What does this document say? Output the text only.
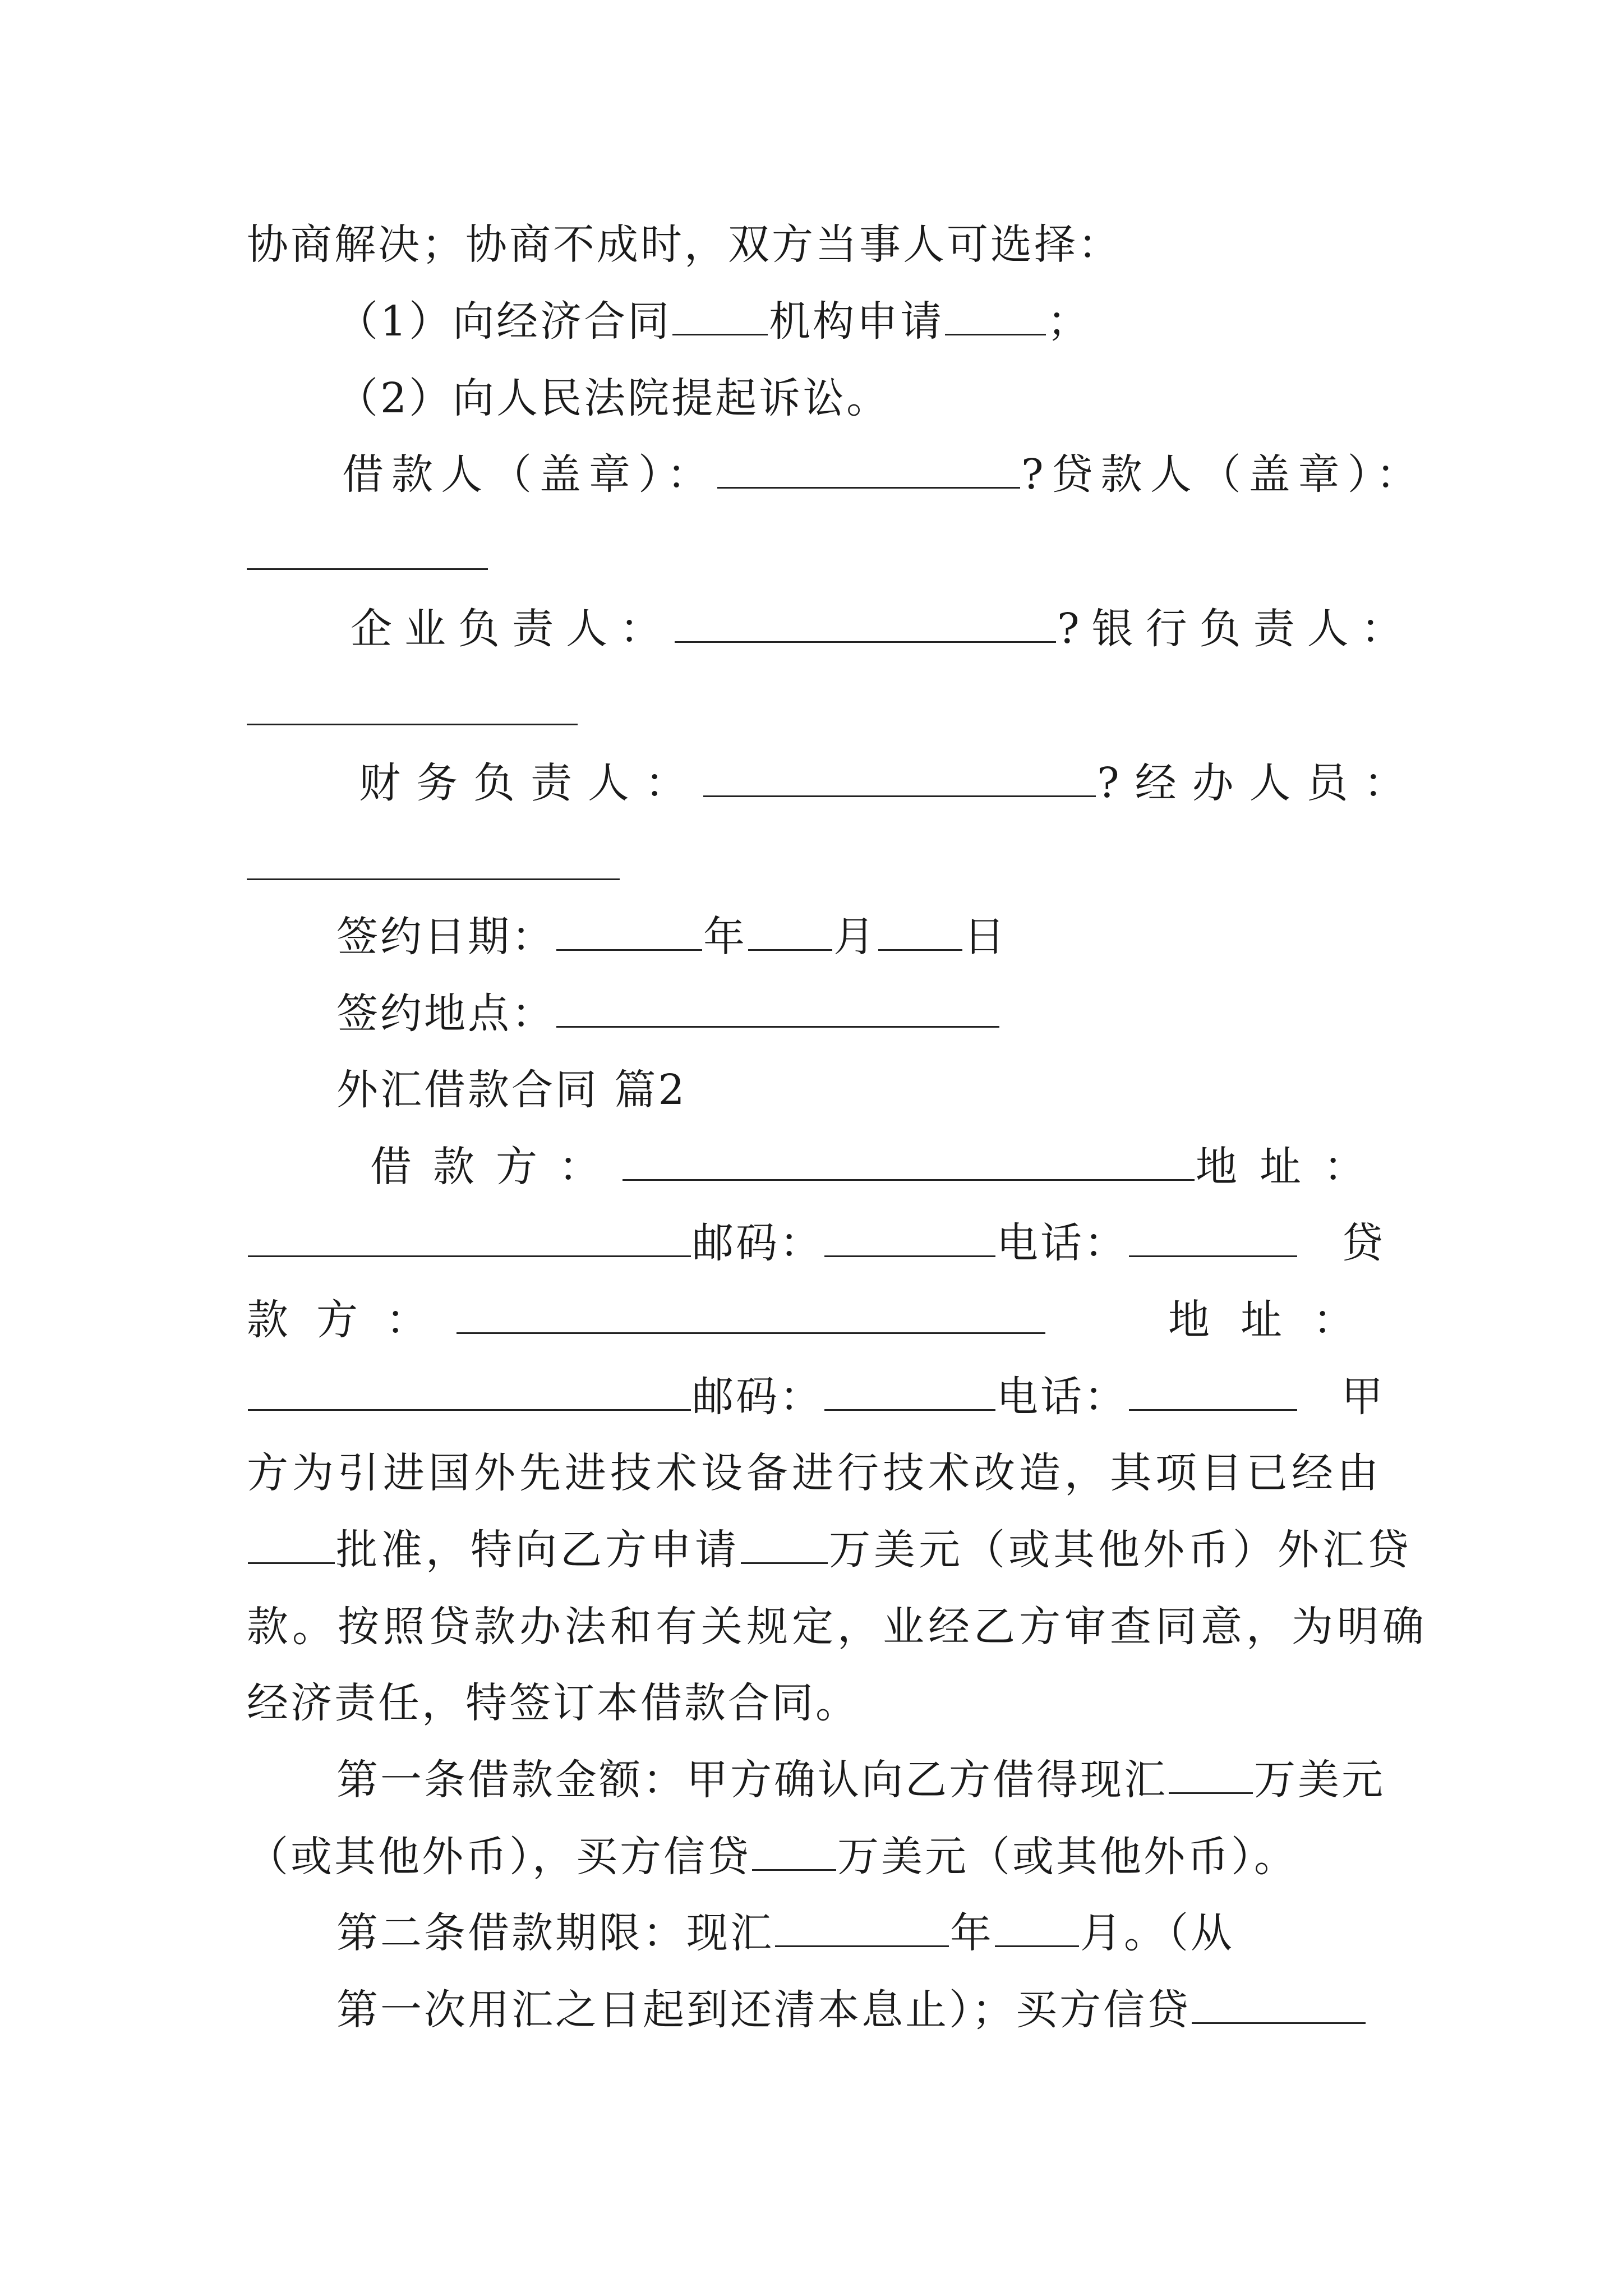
协商解决；协商不成时，双方当事人可选择：
（1）向经济合同 机构申请 ；
（2）向人民法院提起诉讼。
借款人（盖章）：	?贷款人（盖章）：
企业负责人：	?银行负责人：
财务负责人：	?经办人员：
签约日期：	年 月 日
签约地点：
外汇借款合同 篇2
借款方：	地址：
邮码：	电话：	贷
款方：	地址：
邮码：	电话：	甲
方为引进国外先进技术设备进行技术改造，其项目已经由
批准，特向乙方申请 万美元（或其他外币）外汇贷
款。按照贷款办法和有关规定，业经乙方审查同意，为明确
经济责任，特签订本借款合同。
第一条借款金额：甲方确认向乙方借得现汇 万美元
（或其他外币），买方信贷 万美元（或其他外币）。
第二条借款期限：现汇	年 月。（从
第一次用汇之日起到还清本息止）；买方信贷
